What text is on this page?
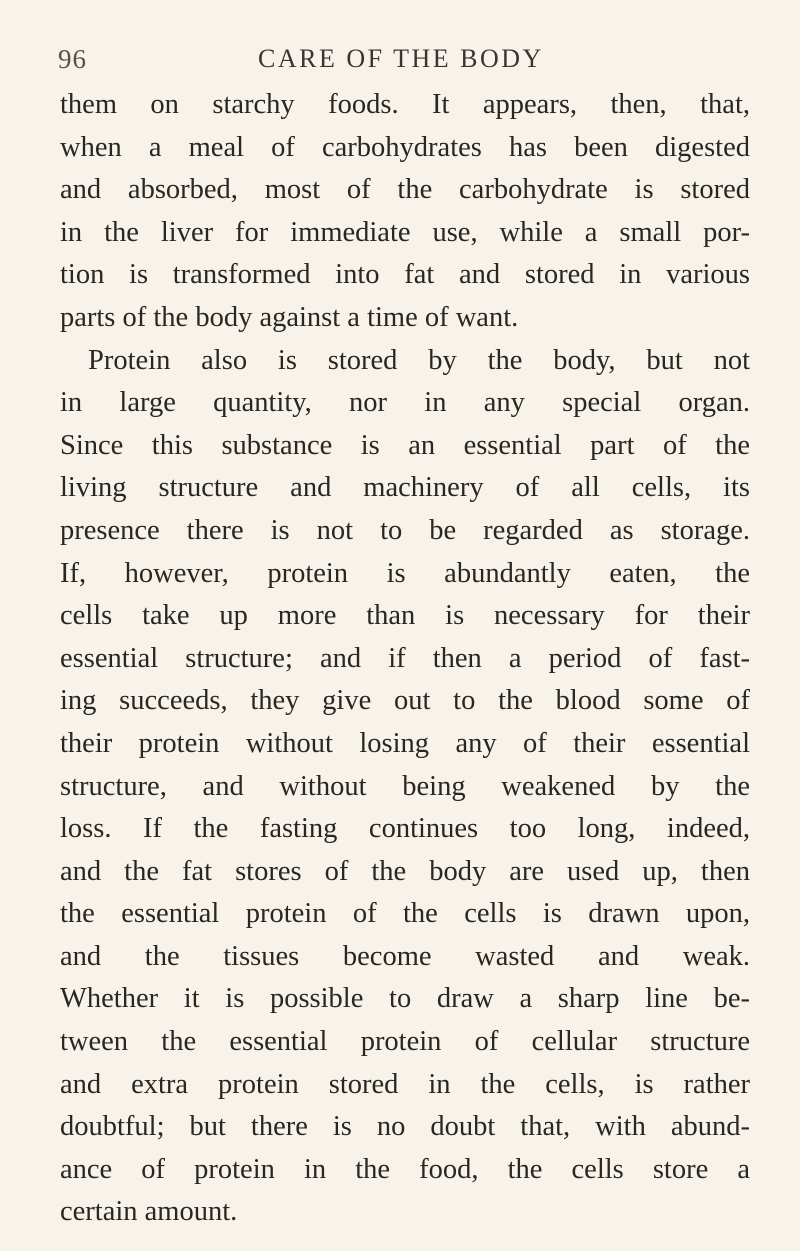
96	CARE OF THE BODY
them on starchy foods. It appears, then, that,
when a meal of carbohydrates has been digested
and absorbed, most of the carbohydrate is stored
in the liver for immediate use, while a small por-
tion is transformed into fat and stored in various
parts of the body against a time of want.
Protein also is stored by the body, but not
in large quantity, nor in any special organ.
Since this substance is an essential part of the
living structure and machinery of all cells, its
presence there is not to be regarded as storage.
If, however, protein is abundantly eaten, the
cells take up more than is necessary for their
essential structure; and if then a period of fast-
ing succeeds, they give out to the blood some of
their protein without losing any of their essential
structure, and without being weakened by the
loss. If the fasting continues too long, indeed,
and the fat stores of the body are used up, then
the essential protein of the cells is drawn upon,
and the tissues become wasted and weak.
Whether it is possible to draw a sharp line be-
tween the essential protein of cellular structure
and extra protein stored in the cells, is rather
doubtful; but there is no doubt that, with abund-
ance of protein in the food, the cells store a
certain amount.
